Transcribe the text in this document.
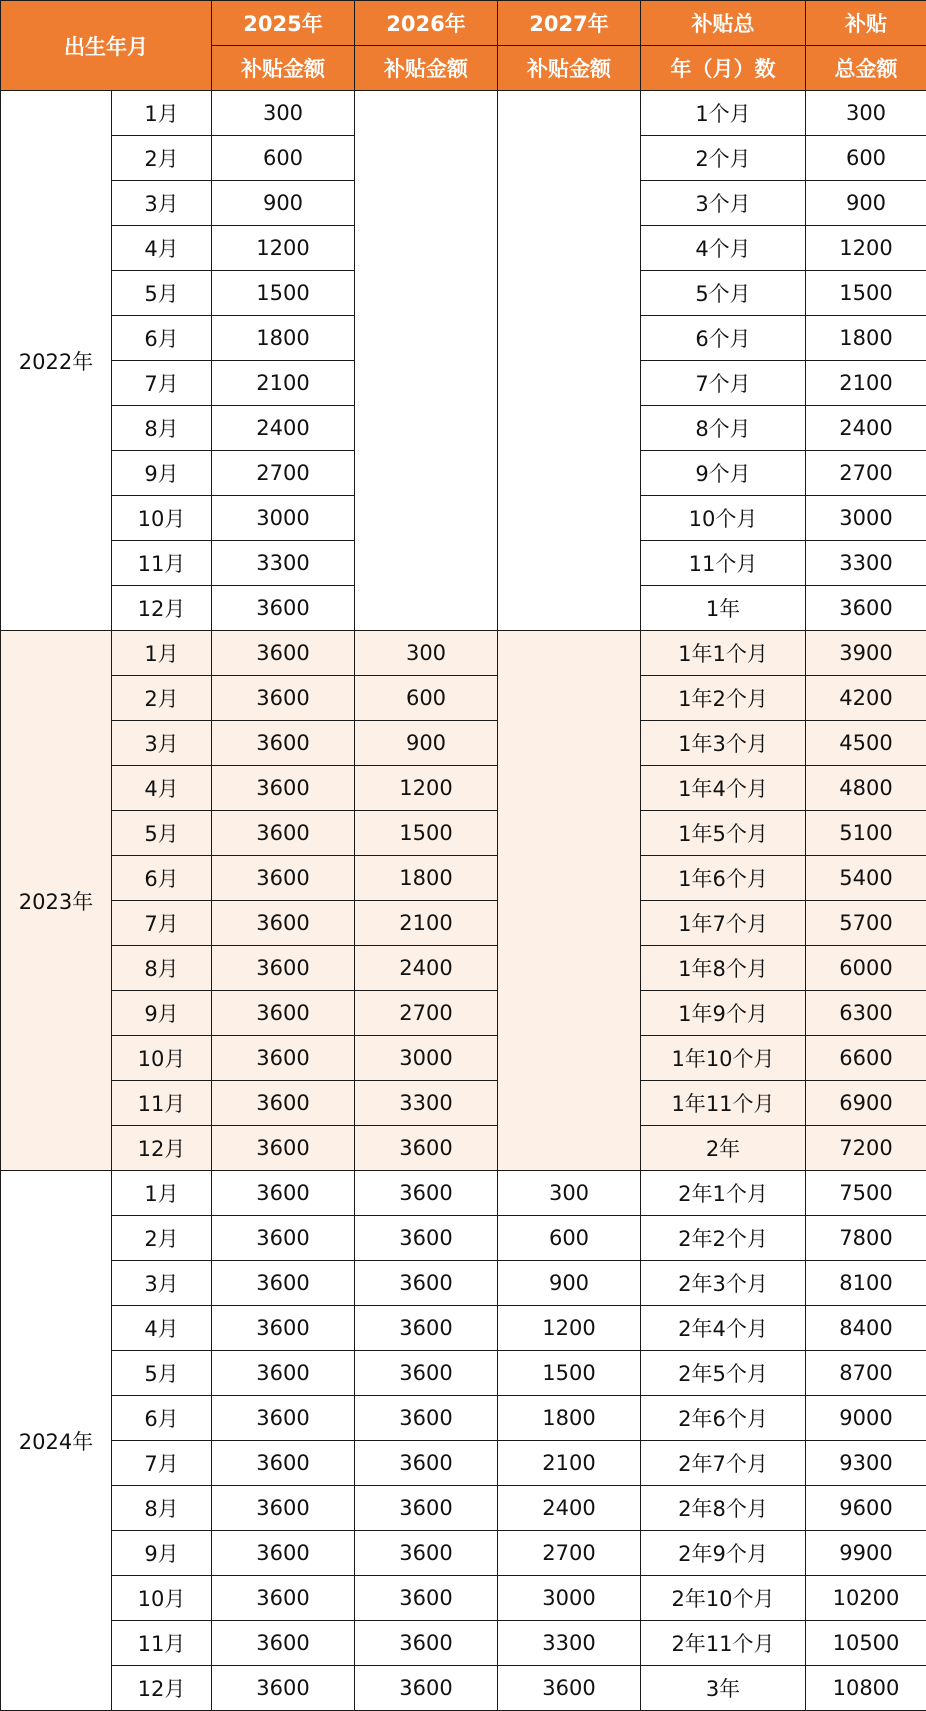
出生年月		2025年	2026年	2027年	补贴总	补贴
		补贴金额	补贴金额	补贴金额	年（月）数	总金额
2022年	1月	300			1个月	300
	2月	600			2个月	600
	3月	900			3个月	900
	4月	1200			4个月	1200
	5月	1500			5个月	1500
	6月	1800			6个月	1800
	7月	2100			7个月	2100
	8月	2400			8个月	2400
	9月	2700			9个月	2700
	10月	3000			10个月	3000
	11月	3300			11个月	3300
	12月	3600			1年	3600
2023年	1月	3600	300		1年1个月	3900
	2月	3600	600		1年2个月	4200
	3月	3600	900		1年3个月	4500
	4月	3600	1200		1年4个月	4800
	5月	3600	1500		1年5个月	5100
	6月	3600	1800		1年6个月	5400
	7月	3600	2100		1年7个月	5700
	8月	3600	2400		1年8个月	6000
	9月	3600	2700		1年9个月	6300
	10月	3600	3000		1年10个月	6600
	11月	3600	3300		1年11个月	6900
	12月	3600	3600		2年	7200
2024年	1月	3600	3600	300	2年1个月	7500
	2月	3600	3600	600	2年2个月	7800
	3月	3600	3600	900	2年3个月	8100
	4月	3600	3600	1200	2年4个月	8400
	5月	3600	3600	1500	2年5个月	8700
	6月	3600	3600	1800	2年6个月	9000
	7月	3600	3600	2100	2年7个月	9300
	8月	3600	3600	2400	2年8个月	9600
	9月	3600	3600	2700	2年9个月	9900
	10月	3600	3600	3000	2年10个月	10200
	11月	3600	3600	3300	2年11个月	10500
	12月	3600	3600	3600	3年	10800
